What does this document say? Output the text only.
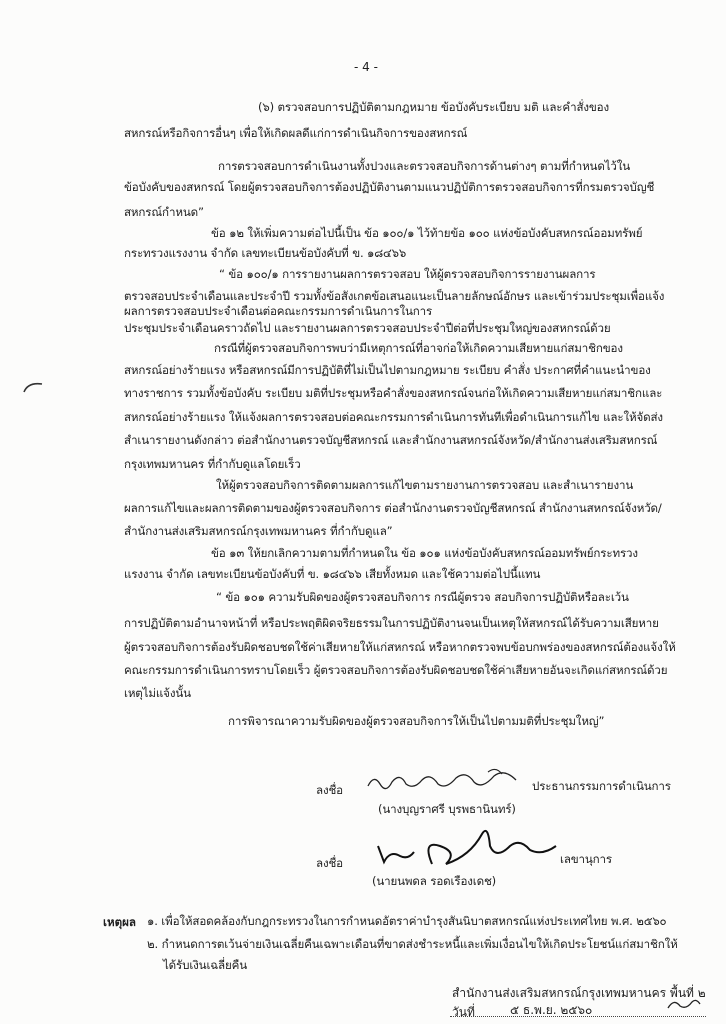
- 4 -
(๖) ตรวจสอบการปฏิบัติตามกฎหมาย ข้อบังคับระเบียบ มติ และคำสั่งของ
สหกรณ์หรือกิจการอื่นๆ เพื่อให้เกิดผลดีแก่การดำเนินกิจการของสหกรณ์
การตรวจสอบการดำเนินงานทั้งปวงและตรวจสอบกิจการด้านต่างๆ ตามที่กำหนดไว้ใน
ข้อบังคับของสหกรณ์ โดยผู้ตรวจสอบกิจการต้องปฏิบัติงานตามแนวปฏิบัติการตรวจสอบกิจการที่กรมตรวจบัญชี
สหกรณ์กำหนด”
ข้อ ๑๒ ให้เพิ่มความต่อไปนี้เป็น ข้อ ๑๐๐/๑ ไว้ท้ายข้อ ๑๐๐ แห่งข้อบังคับสหกรณ์ออมทรัพย์
กระทรวงแรงงาน จำกัด เลขทะเบียนข้อบังคับที่ ข. ๑๘๔๖๖
“ ข้อ ๑๐๐/๑ การรายงานผลการตรวจสอบ ให้ผู้ตรวจสอบกิจการรายงานผลการ
ตรวจสอบประจำเดือนและประจำปี รวมทั้งข้อสังเกตข้อเสนอแนะเป็นลายลักษณ์อักษร และเข้าร่วมประชุมเพื่อแจ้ง
ผลการตรวจสอบประจำเดือนต่อคณะกรรมการดำเนินการในการ
ประชุมประจำเดือนคราวถัดไป และรายงานผลการตรวจสอบประจำปีต่อที่ประชุมใหญ่ของสหกรณ์ด้วย
กรณีที่ผู้ตรวจสอบกิจการพบว่ามีเหตุการณ์ที่อาจก่อให้เกิดความเสียหายแก่สมาชิกของ
สหกรณ์อย่างร้ายแรง หรือสหกรณ์มีการปฏิบัติที่ไม่เป็นไปตามกฎหมาย ระเบียบ คำสั่ง ประกาศที่คำแนะนำของ
ทางราชการ รวมทั้งข้อบังคับ ระเบียบ มติที่ประชุมหรือคำสั่งของสหกรณ์จนก่อให้เกิดความเสียหายแก่สมาชิกและ
สหกรณ์อย่างร้ายแรง ให้แจ้งผลการตรวจสอบต่อคณะกรรมการดำเนินการทันทีเพื่อดำเนินการแก้ไข และให้จัดส่ง
สำเนารายงานดังกล่าว ต่อสำนักงานตรวจบัญชีสหกรณ์ และสำนักงานสหกรณ์จังหวัด/สำนักงานส่งเสริมสหกรณ์
กรุงเทพมหานคร ที่กำกับดูแลโดยเร็ว
ให้ผู้ตรวจสอบกิจการติดตามผลการแก้ไขตามรายงานการตรวจสอบ และสำเนารายงาน
ผลการแก้ไขและผลการติดตามของผู้ตรวจสอบกิจการ ต่อสำนักงานตรวจบัญชีสหกรณ์ สำนักงานสหกรณ์จังหวัด/
สำนักงานส่งเสริมสหกรณ์กรุงเทพมหานคร ที่กำกับดูแล”
ข้อ ๑๓ ให้ยกเลิกความตามที่กำหนดใน ข้อ ๑๐๑ แห่งข้อบังคับสหกรณ์ออมทรัพย์กระทรวง
แรงงาน จำกัด เลขทะเบียนข้อบังคับที่ ข. ๑๘๔๖๖ เสียทั้งหมด และใช้ความต่อไปนี้แทน
“ ข้อ ๑๐๑ ความรับผิดของผู้ตรวจสอบกิจการ กรณีผู้ตรวจ สอบกิจการปฏิบัติหรือละเว้น
การปฏิบัติตามอำนาจหน้าที่ หรือประพฤติผิดจริยธรรมในการปฏิบัติงานจนเป็นเหตุให้สหกรณ์ได้รับความเสียหาย
ผู้ตรวจสอบกิจการต้องรับผิดชอบชดใช้ค่าเสียหายให้แก่สหกรณ์ หรือหากตรวจพบข้อบกพร่องของสหกรณ์ต้องแจ้งให้
คณะกรรมการดำเนินการทราบโดยเร็ว ผู้ตรวจสอบกิจการต้องรับผิดชอบชดใช้ค่าเสียหายอันจะเกิดแก่สหกรณ์ด้วย
เหตุไม่แจ้งนั้น
การพิจารณาความรับผิดของผู้ตรวจสอบกิจการให้เป็นไปตามมติที่ประชุมใหญ่”
ลงชื่อ	ประธานกรรมการดำเนินการ
(นางบุญราศรี บุรพธานินทร์)
ลงชื่อ	เลขานุการ
(นายนพดล รอดเรืองเดช)
เหตุผล ๑. เพื่อให้สอดคล้องกับกฎกระทรวงในการกำหนดอัตราค่าบำรุงสันนิบาตสหกรณ์แห่งประเทศไทย พ.ศ. ๒๕๖๐
๒. กำหนดการตเว้นจ่ายเงินเฉลี่ยคืนเฉพาะเดือนที่ขาดส่งชำระหนี้และเพิ่มเงื่อนไขให้เกิดประโยชน์แก่สมาชิกให้
ได้รับเงินเฉลี่ยคืน
สำนักงานส่งเสริมสหกรณ์กรุงเทพมหานคร พื้นที่ ๒
วันที่	๕ ธ.พ.ย. ๒๕๖๐
